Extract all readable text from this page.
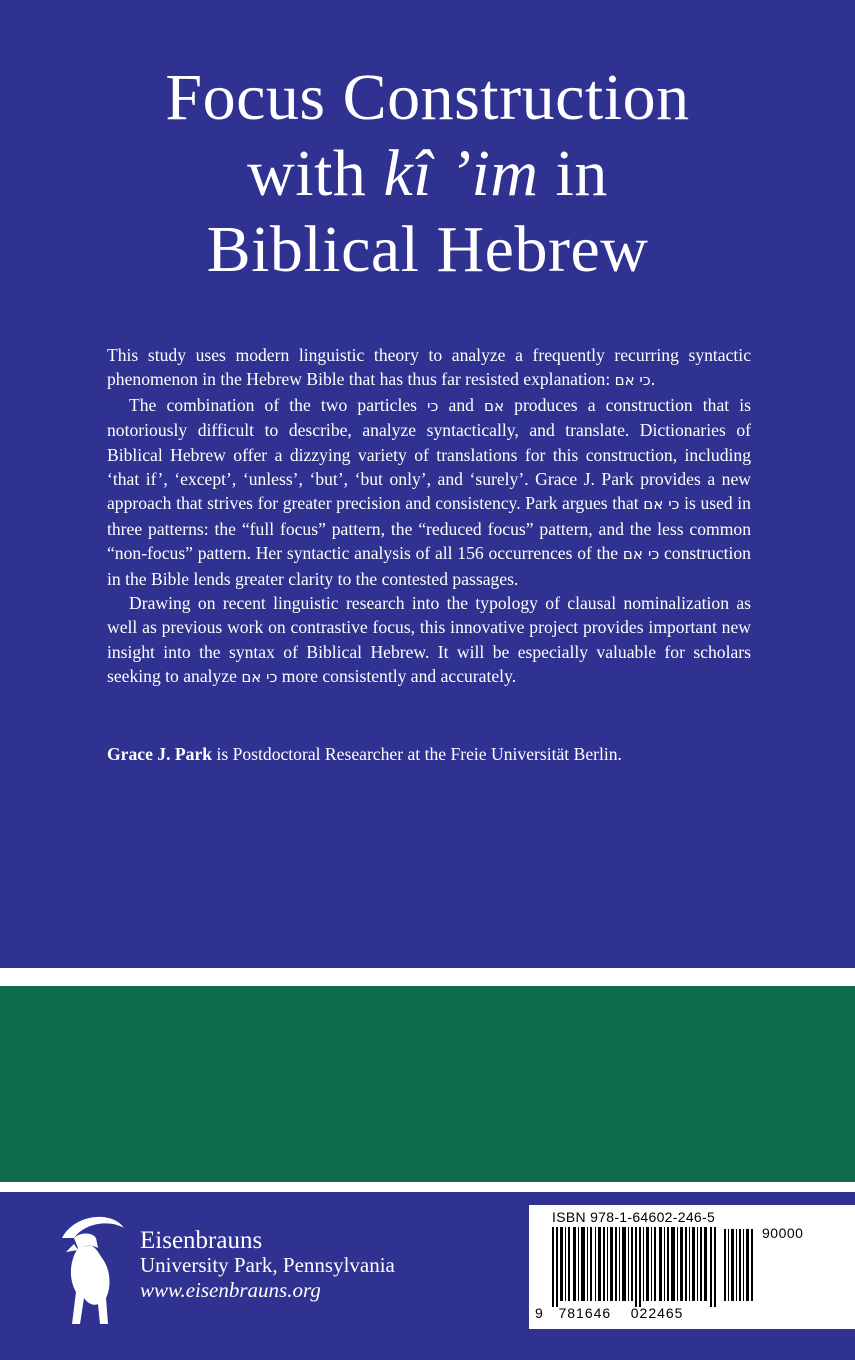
Focus Construction
with kî ’im in
Biblical Hebrew

This study uses modern linguistic theory to analyze a frequently recurring syntactic phenomenon in the Hebrew Bible that has thus far resisted explanation: כי אם.

The combination of the two particles כי and אם produces a construction that is notoriously difficult to describe, analyze syntactically, and translate. Dictionaries of Biblical Hebrew offer a dizzying variety of translations for this construction, including ‘that if’, ‘except’, ‘unless’, ‘but’, ‘but only’, and ‘surely’. Grace J. Park provides a new approach that strives for greater precision and consistency. Park argues that כי אם is used in three patterns: the “full focus” pattern, the “reduced focus” pattern, and the less common “non-focus” pattern. Her syntactic analysis of all 156 occurrences of the כי אם construction in the Bible lends greater clarity to the contested passages.

Drawing on recent linguistic research into the typology of clausal nominalization as well as previous work on contrastive focus, this innovative project provides important new insight into the syntax of Biblical Hebrew. It will be especially valuable for scholars seeking to analyze כי אם more consistently and accurately.

Grace J. Park is Postdoctoral Researcher at the Freie Universität Berlin.
Eisenbrauns
University Park, Pennsylvania
www.eisenbrauns.org
ISBN 978-1-64602-246-5
90000
9 781646 022465
